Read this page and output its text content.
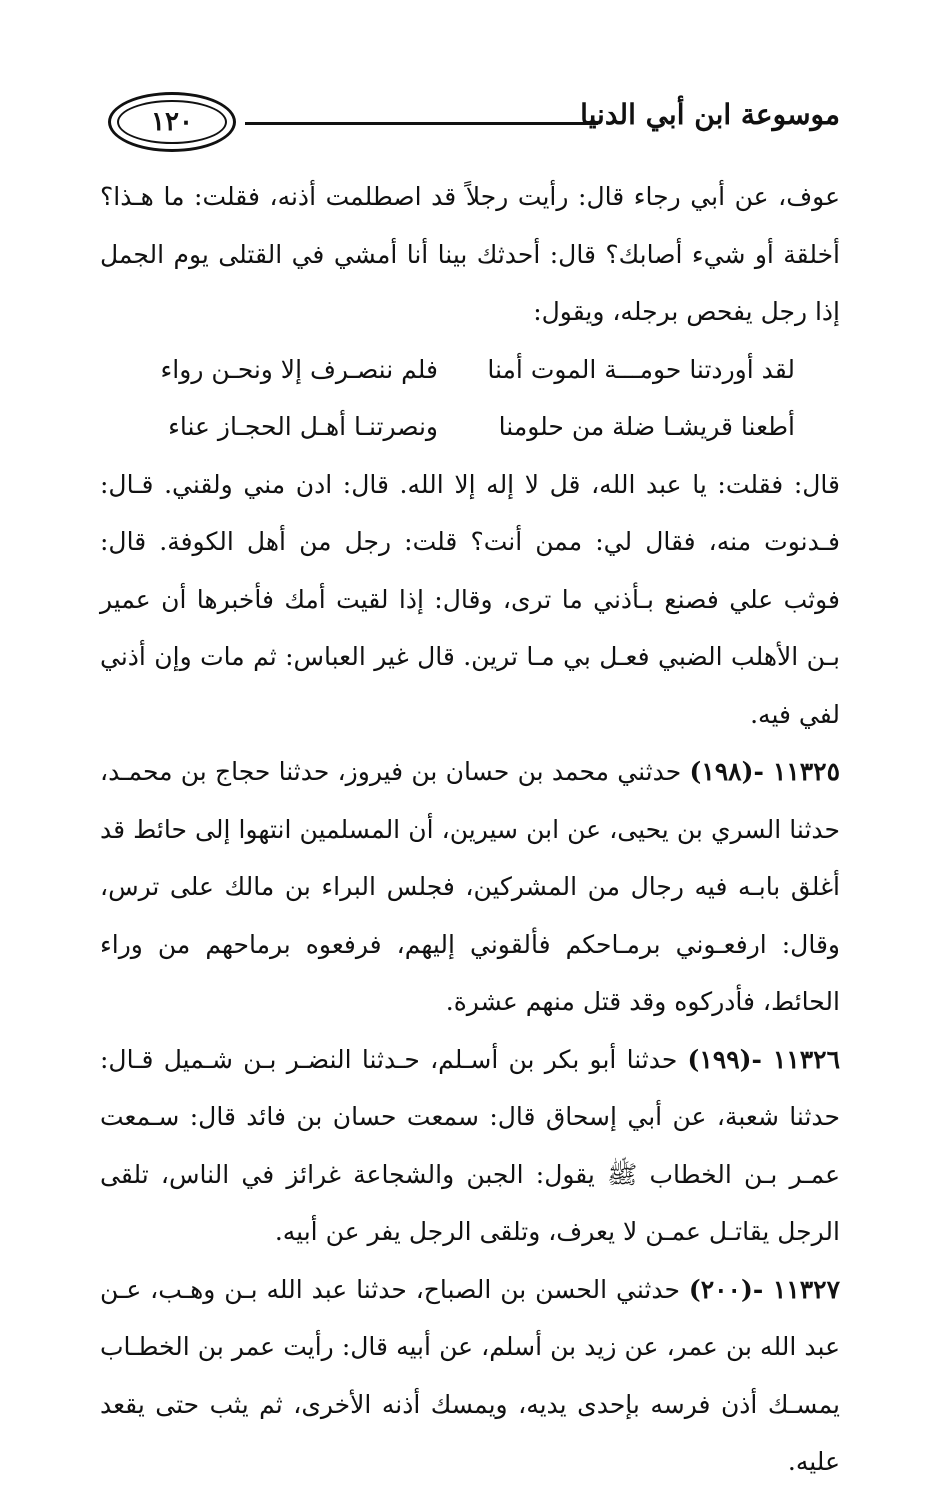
موسوعة ابن أبي الدنيا
١٢٠

عوف، عن أبي رجاء قال: رأيت رجلاً قد اصطلمت أذنه، فقلت: ما هـذا؟ أخلقة أو شيء أصابك؟ قال: أحدثك بينا أنا أمشي في القتلى يوم الجمل إذا رجل يفحص برجله، ويقول:

لقد أوردتنا حومـــة الموت أمنا
فلم ننصـرف إلا ونحـن رواء
أطعنا قريشـا ضلة من حلومنا
ونصرتنـا أهـل الحجـاز عناء

قال: فقلت: يا عبد الله، قل لا إله إلا الله. قال: ادن مني ولقني. قـال: فـدنوت منه، فقال لي: ممن أنت؟ قلت: رجل من أهل الكوفة. قال: فوثب علي فصنع بـأذني ما ترى، وقال: إذا لقيت أمك فأخبرها أن عمير بـن الأهلب الضبي فعـل بي مـا ترين. قال غير العباس: ثم مات وإن أذني لفي فيه.

١١٣٢٥ -(١٩٨) حدثني محمد بن حسان بن فيروز، حدثنا حجاج بن محمـد، حدثنا السري بن يحيى، عن ابن سيرين، أن المسلمين انتهوا إلى حائط قد أغلق بابـه فيه رجال من المشركين، فجلس البراء بن مالك على ترس، وقال: ارفعـوني برمـاحكم فألقوني إليهم، فرفعوه برماحهم من وراء الحائط، فأدركوه وقد قتل منهم عشرة.

١١٣٢٦ -(١٩٩) حدثنا أبو بكر بن أسـلم، حـدثنا النضـر بـن شـميل قـال: حدثنا شعبة، عن أبي إسحاق قال: سمعت حسان بن فائد قال: سـمعت عمـر بـن الخطاب ﷺ يقول: الجبن والشجاعة غرائز في الناس، تلقى الرجل يقاتـل عمـن لا يعرف، وتلقى الرجل يفر عن أبيه.

١١٣٢٧ -(٢٠٠) حدثني الحسن بن الصباح، حدثنا عبد الله بـن وهـب، عـن عبد الله بن عمر، عن زيد بن أسلم، عن أبيه قال: رأيت عمر بن الخطـاب يمسـك أذن فرسه بإحدى يديه، ويمسك أذنه الأخرى، ثم يثب حتى يقعد عليه.
